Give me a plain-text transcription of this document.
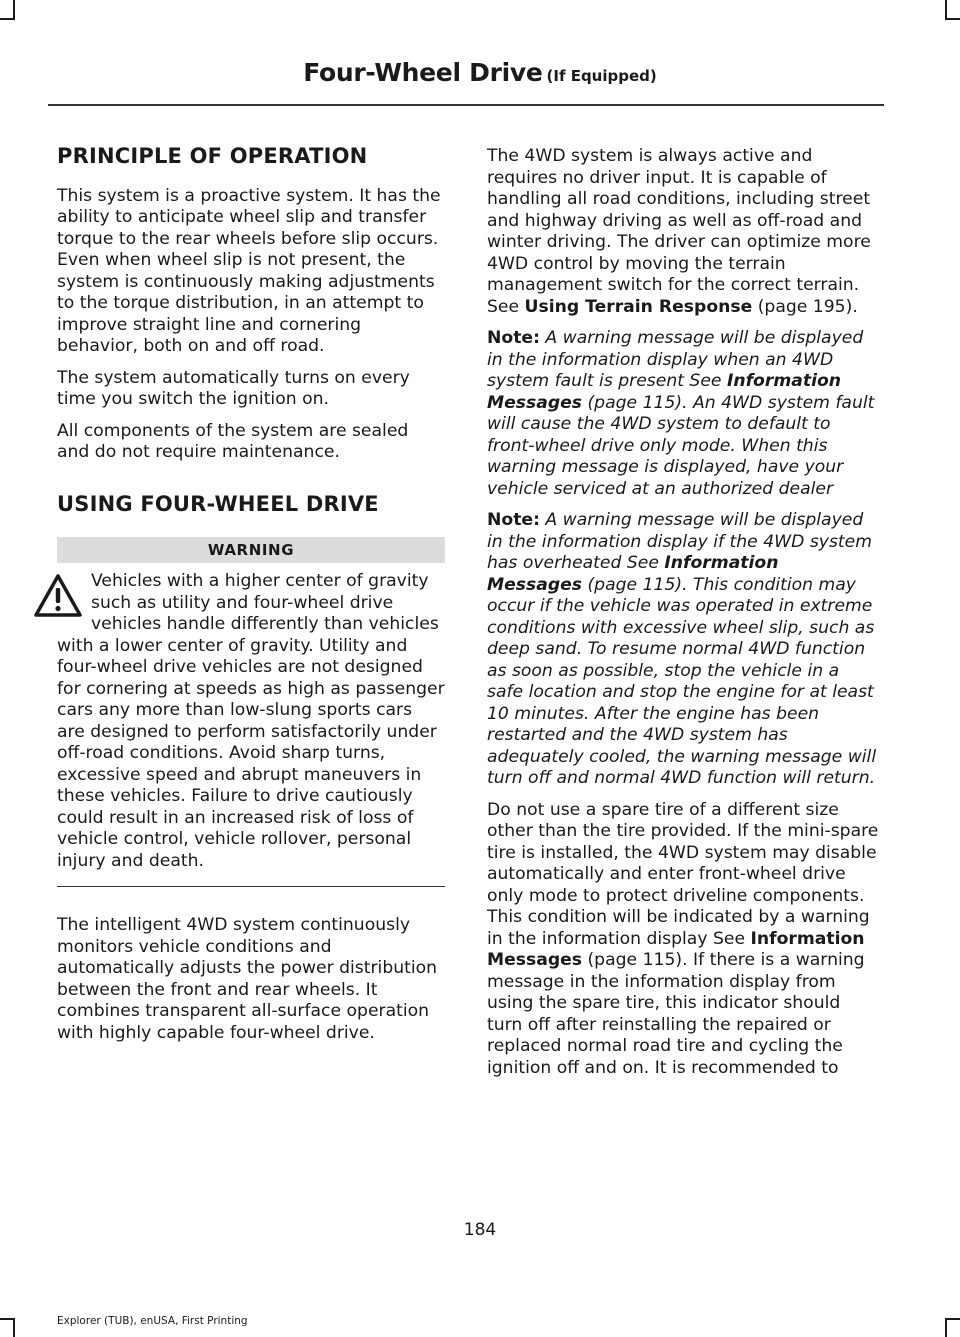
Four-Wheel Drive (If Equipped)
PRINCIPLE OF OPERATION

This system is a proactive system. It has the ability to anticipate wheel slip and transfer torque to the rear wheels before slip occurs. Even when wheel slip is not present, the system is continuously making adjustments to the torque distribution, in an attempt to improve straight line and cornering behavior, both on and off road.

The system automatically turns on every time you switch the ignition on.

All components of the system are sealed and do not require maintenance.

USING FOUR-WHEEL DRIVE
WARNING

Vehicles with a higher center of gravity such as utility and four-wheel drive vehicles handle differently than vehicles with a lower center of gravity. Utility and four-wheel drive vehicles are not designed for cornering at speeds as high as passenger cars any more than low-slung sports cars are designed to perform satisfactorily under off-road conditions. Avoid sharp turns, excessive speed and abrupt maneuvers in these vehicles. Failure to drive cautiously could result in an increased risk of loss of vehicle control, vehicle rollover, personal injury and death.

The intelligent 4WD system continuously monitors vehicle conditions and automatically adjusts the power distribution between the front and rear wheels. It combines transparent all-surface operation with highly capable four-wheel drive.

The 4WD system is always active and requires no driver input. It is capable of handling all road conditions, including street and highway driving as well as off-road and winter driving. The driver can optimize more 4WD control by moving the terrain management switch for the correct terrain. See Using Terrain Response (page 195).

Note: A warning message will be displayed in the information display when an 4WD system fault is present See Information Messages (page 115). An 4WD system fault will cause the 4WD system to default to front-wheel drive only mode. When this warning message is displayed, have your vehicle serviced at an authorized dealer

Note: A warning message will be displayed in the information display if the 4WD system has overheated See Information Messages (page 115). This condition may occur if the vehicle was operated in extreme conditions with excessive wheel slip, such as deep sand. To resume normal 4WD function as soon as possible, stop the vehicle in a safe location and stop the engine for at least 10 minutes. After the engine has been restarted and the 4WD system has adequately cooled, the warning message will turn off and normal 4WD function will return.

Do not use a spare tire of a different size other than the tire provided. If the mini-spare tire is installed, the 4WD system may disable automatically and enter front-wheel drive only mode to protect driveline components. This condition will be indicated by a warning in the information display See Information Messages (page 115). If there is a warning message in the information display from using the spare tire, this indicator should turn off after reinstalling the repaired or replaced normal road tire and cycling the ignition off and on. It is recommended to

184
Explorer (TUB), enUSA, First Printing
